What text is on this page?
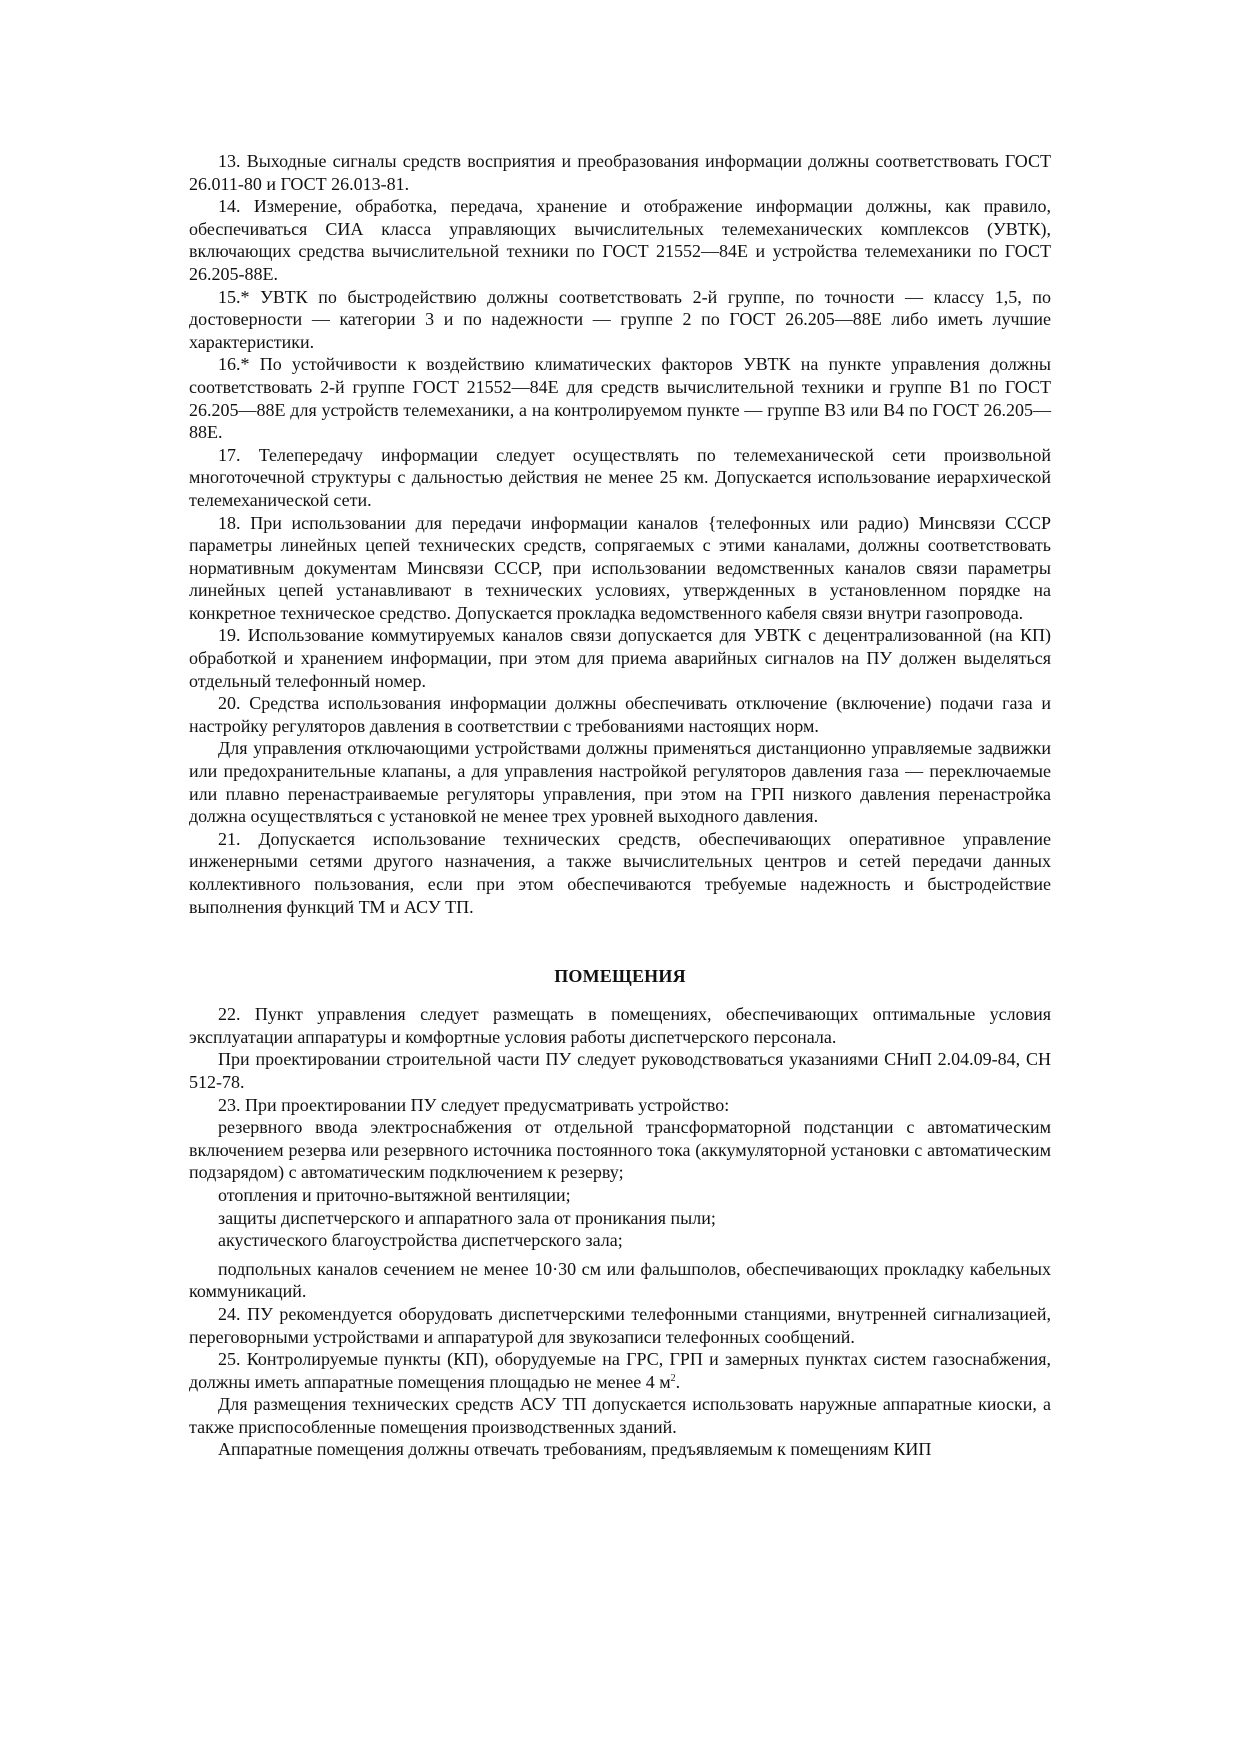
13. Выходные сигналы средств восприятия и преобразования информации должны соответствовать ГОСТ 26.011-80 и ГОСТ 26.013-81.

14. Измерение, обработка, передача, хранение и отображение информации должны, как правило, обеспечиваться СИА класса управляющих вычислительных телемеханических комплексов (УВТК), включающих средства вычислительной техники по ГОСТ 21552—84Е и устройства телемеханики по ГОСТ 26.205-88Е.

15.* УВТК по быстродействию должны соответствовать 2-й группе, по точности — классу 1,5, по достоверности — категории 3 и по надежности — группе 2 по ГОСТ 26.205—88Е либо иметь лучшие характеристики.

16.* По устойчивости к воздействию климатических факторов УВТК на пункте управления должны соответствовать 2-й группе ГОСТ 21552—84Е для средств вычислительной техники и группе В1 по ГОСТ 26.205—88Е для устройств телемеханики, а на контролируемом пункте — группе В3 или В4 по ГОСТ 26.205—88Е.

17. Телепередачу информации следует осуществлять по телемеханической сети произвольной многоточечной структуры с дальностью действия не менее 25 км. Допускается использование иерархической телемеханической сети.

18. При использовании для передачи информации каналов {телефонных или радио) Минсвязи СССР параметры линейных цепей технических средств, сопрягаемых с этими каналами, должны соответствовать нормативным документам Минсвязи СССР, при использовании ведомственных каналов связи параметры линейных цепей устанавливают в технических условиях, утвержденных в установленном порядке на конкретное техническое средство. Допускается прокладка ведомственного кабеля связи внутри газопровода.

19. Использование коммутируемых каналов связи допускается для УВТК с децентрализованной (на КП) обработкой и хранением информации, при этом для приема аварийных сигналов на ПУ должен выделяться отдельный телефонный номер.

20. Средства использования информации должны обеспечивать отключение (включение) подачи газа и настройку регуляторов давления в соответствии с требованиями настоящих норм.

Для управления отключающими устройствами должны применяться дистанционно управляемые задвижки или предохранительные клапаны, а для управления настройкой регуляторов давления газа — переключаемые или плавно перенастраиваемые регуляторы управления, при этом на ГРП низкого давления перенастройка должна осуществляться с установкой не менее трех уровней выходного давления.

21. Допускается использование технических средств, обеспечивающих оперативное управление инженерными сетями другого назначения, а также вычислительных центров и сетей передачи данных коллективного пользования, если при этом обеспечиваются требуемые надежность и быстродействие выполнения функций ТМ и АСУ ТП.

ПОМЕЩЕНИЯ

22. Пункт управления следует размещать в помещениях, обеспечивающих оптимальные условия эксплуатации аппаратуры и комфортные условия работы диспетчерского персонала.

При проектировании строительной части ПУ следует руководствоваться указаниями СНиП 2.04.09-84, СН 512-78.

23. При проектировании ПУ следует предусматривать устройство:

резервного ввода электроснабжения от отдельной трансформаторной подстанции с автоматическим включением резерва или резервного источника постоянного тока (аккумуляторной установки с автоматическим подзарядом) с автоматическим подключением к резерву;

отопления и приточно-вытяжной вентиляции;

защиты диспетчерского и аппаратного зала от проникания пыли;

акустического благоустройства диспетчерского зала;

подпольных каналов сечением не менее 10·30 см или фальшполов, обеспечивающих прокладку кабельных коммуникаций.

24. ПУ рекомендуется оборудовать диспетчерскими телефонными станциями, внутренней сигнализацией, переговорными устройствами и аппаратурой для звукозаписи телефонных сообщений.

25. Контролируемые пункты (КП), оборудуемые на ГРС, ГРП и замерных пунктах систем газоснабжения, должны иметь аппаратные помещения площадью не менее 4 $м^2$.

Для размещения технических средств АСУ ТП допускается использовать наружные аппаратные киоски, а также приспособленные помещения производственных зданий.

Аппаратные помещения должны отвечать требованиям, предъявляемым к помещениям КИП
